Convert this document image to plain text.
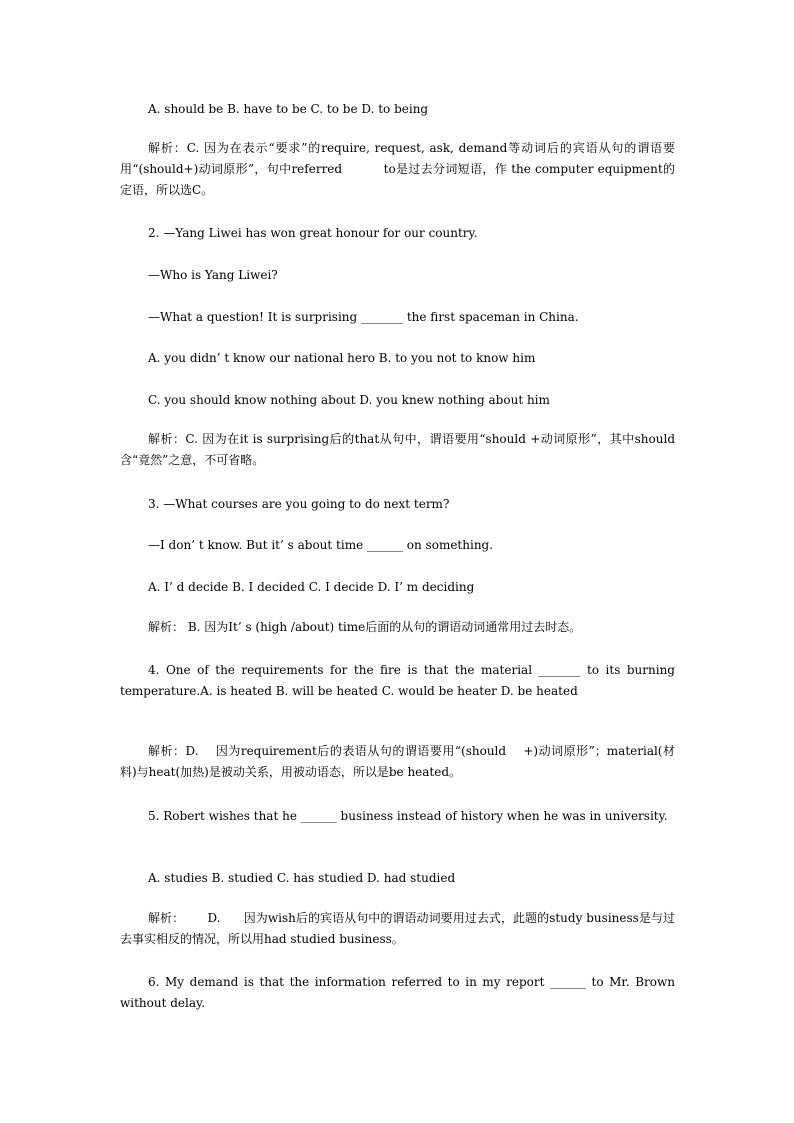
A. should be B. have to be C. to be D. to being

解析：C. 因为在表示“要求”的require, request, ask, demand等动词后的宾语从句的谓语要用“(should+)动词原形”，句中referred          to是过去分词短语，作 the computer equipment的定语，所以选C。

2. —Yang Liwei has won great honour for our country.

—Who is Yang Liwei?

—What a question! It is surprising _______ the first spaceman in China.

A. you didn’ t know our national hero B. to you not to know him

C. you should know nothing about D. you knew nothing about him

解析：C. 因为在it is surprising后的that从句中，谓语要用“should +动词原形”，其中should含“竟然”之意，不可省略。

3. —What courses are you going to do next term?

—I don’ t know. But it’ s about time ______ on something.

A. I’ d decide B. I decided C. I decide D. I’ m deciding

解析： B. 因为It’ s (high /about) time后面的从句的谓语动词通常用过去时态。

4. One of the requirements for the fire is that the material _______ to its burning temperature.A. is heated B. will be heated C. would be heater D. be heated

解析：D.    因为requirement后的表语从句的谓语要用“(should    +)动词原形”；material(材料)与heat(加热)是被动关系，用被动语态，所以是be heated。

5. Robert wishes that he ______ business instead of history when he was in university.

A. studies B. studied C. has studied D. had studied

解析：      D.      因为wish后的宾语从句中的谓语动词要用过去式，此题的study business是与过去事实相反的情况，所以用had studied business。

6. My demand is that the information referred to in my report ______ to Mr. Brown without delay.
